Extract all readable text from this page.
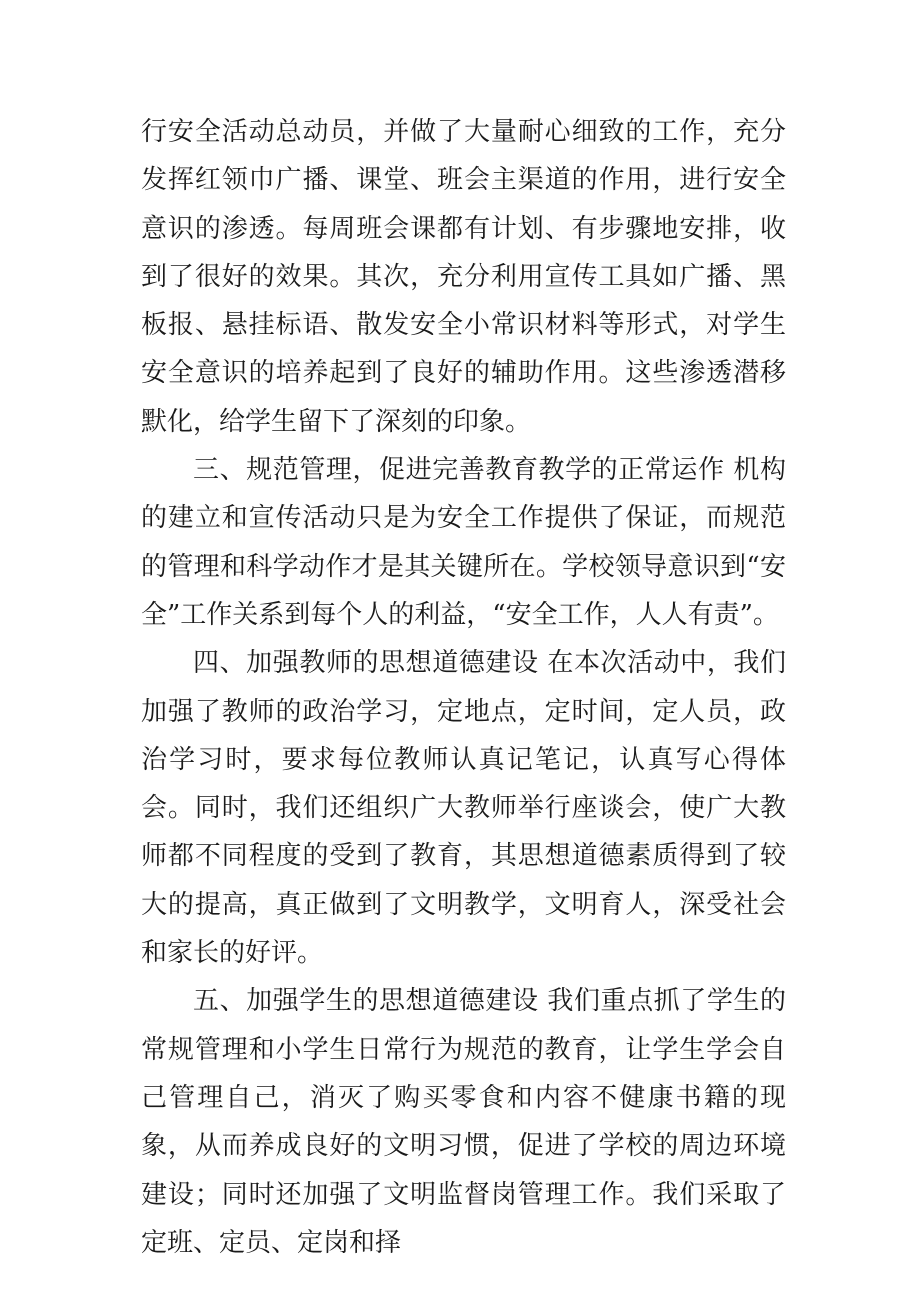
行安全活动总动员，并做了大量耐心细致的工作，充分发挥红领巾广播、课堂、班会主渠道的作用，进行安全意识的渗透。每周班会课都有计划、有步骤地安排，收到了很好的效果。其次，充分利用宣传工具如广播、黑板报、悬挂标语、散发安全小常识材料等形式，对学生安全意识的培养起到了良好的辅助作用。这些渗透潜移默化，给学生留下了深刻的印象。

三、规范管理，促进完善教育教学的正常运作 机构的建立和宣传活动只是为安全工作提供了保证，而规范的管理和科学动作才是其关键所在。学校领导意识到“安全”工作关系到每个人的利益，“安全工作，人人有责”。

四、加强教师的思想道德建设 在本次活动中，我们加强了教师的政治学习，定地点，定时间，定人员，政治学习时，要求每位教师认真记笔记，认真写心得体会。同时，我们还组织广大教师举行座谈会，使广大教师都不同程度的受到了教育，其思想道德素质得到了较大的提高，真正做到了文明教学，文明育人，深受社会和家长的好评。

五、加强学生的思想道德建设 我们重点抓了学生的常规管理和小学生日常行为规范的教育，让学生学会自己管理自己，消灭了购买零食和内容不健康书籍的现象，从而养成良好的文明习惯，促进了学校的周边环境建设；同时还加强了文明监督岗管理工作。我们采取了定班、定员、定岗和择
